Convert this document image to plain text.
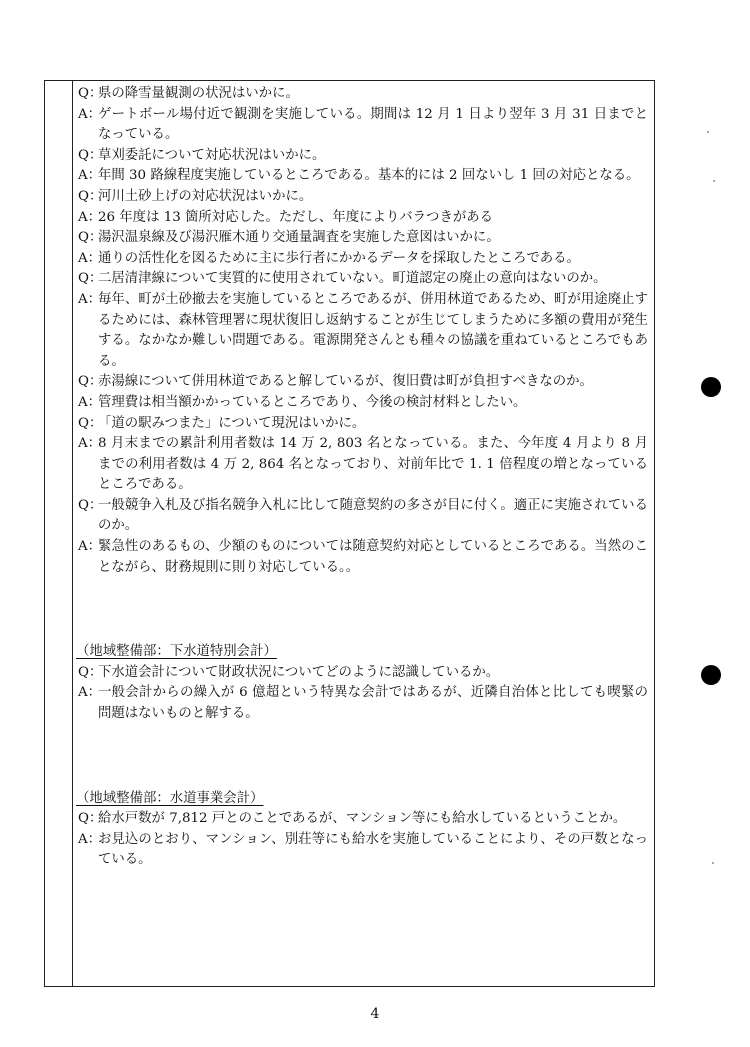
Q：
県の降雪量観測の状況はいかに。
A：
ゲートボール場付近で観測を実施している。期間は 12 月 1 日より翌年 3 月 31 日までとなっている。
Q：
草刈委託について対応状況はいかに。
A：
年間 30 路線程度実施しているところである。基本的には 2 回ないし 1 回の対応となる。
Q：
河川土砂上げの対応状況はいかに。
A：
26 年度は 13 箇所対応した。ただし、年度によりバラつきがある
Q：
湯沢温泉線及び湯沢雁木通り交通量調査を実施した意図はいかに。
A：
通りの活性化を図るために主に歩行者にかかるデータを採取したところである。
Q：
二居清津線について実質的に使用されていない。町道認定の廃止の意向はないのか。
A：
毎年、町が土砂撤去を実施しているところであるが、併用林道であるため、町が用途廃止するためには、森林管理署に現状復旧し返納することが生じてしまうために多額の費用が発生する。なかなか難しい問題である。電源開発さんとも種々の協議を重ねているところでもある。
Q：
赤湯線について併用林道であると解しているが、復旧費は町が負担すべきなのか。
A：
管理費は相当額かかっているところであり、今後の検討材料としたい。
Q：
「道の駅みつまた」について現況はいかに。
A：
8 月末までの累計利用者数は 14 万 2, 803 名となっている。また、今年度 4 月より 8 月までの利用者数は 4 万 2, 864 名となっており、対前年比で 1. 1 倍程度の増となっているところである。
Q：
一般競争入札及び指名競争入札に比して随意契約の多さが目に付く。適正に実施されているのか。
A：
緊急性のあるもの、少額のものについては随意契約対応としているところである。当然のことながら、財務規則に則り対応している。。
（地域整備部：下水道特別会計）
Q：
下水道会計について財政状況についてどのように認識しているか。
A：
一般会計からの繰入が 6 億超という特異な会計ではあるが、近隣自治体と比しても喫緊の問題はないものと解する。
（地域整備部：水道事業会計）
Q：
給水戸数が 7,812 戸とのことであるが、マンション等にも給水しているということか。
A：
お見込のとおり、マンション、別荘等にも給水を実施していることにより、その戸数となっている。
4
